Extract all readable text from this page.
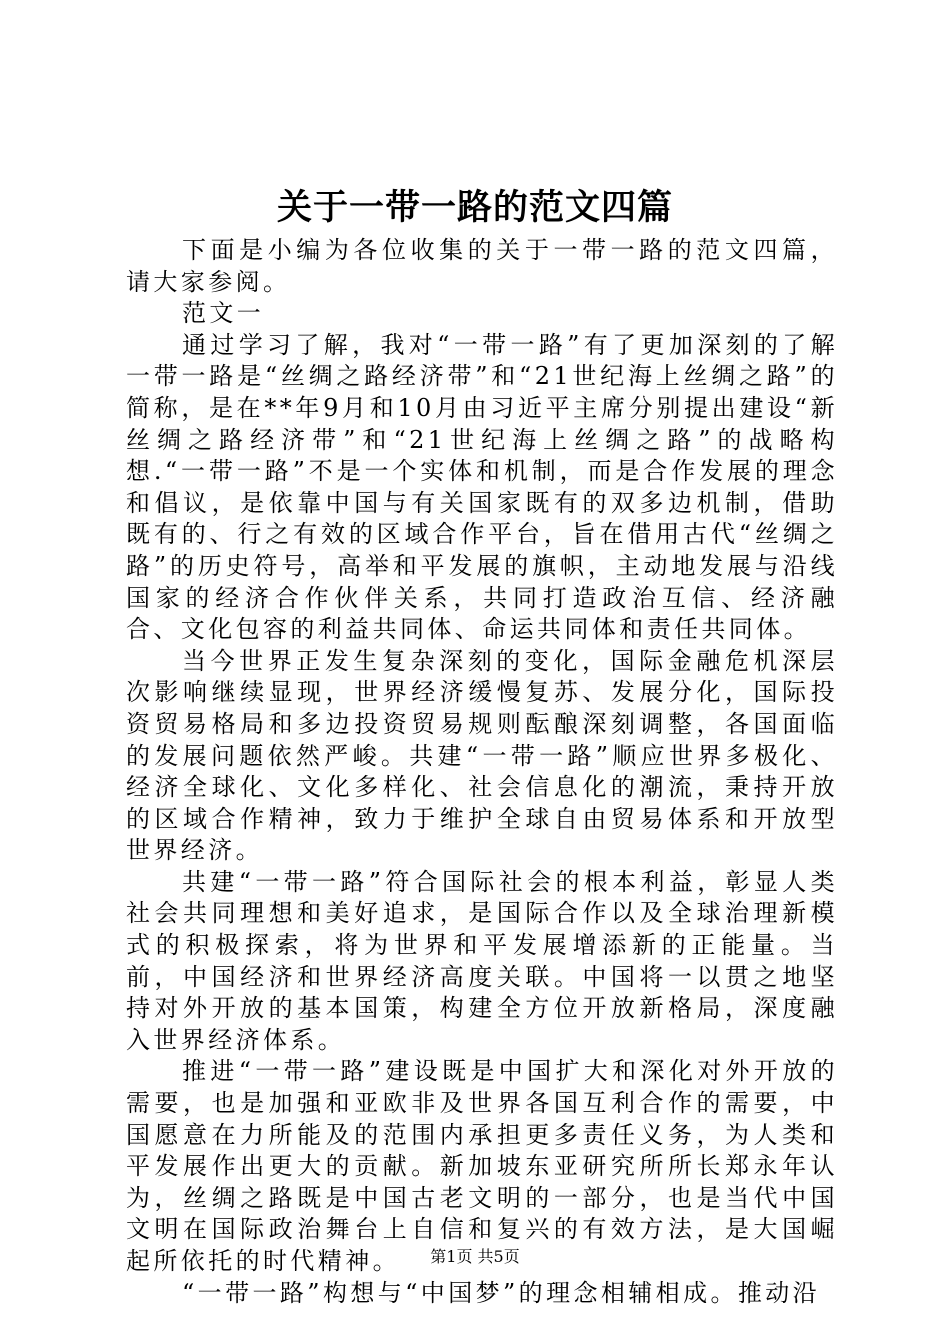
关于一带一路的范文四篇

下面是小编为各位收集的关于一带一路的范文四篇，请大家参阅。

范文一

通过学习了解，我对“一带一路”有了更加深刻的了解一带一路是“丝绸之路经济带”和“21世纪海上丝绸之路”的简称，是在**年9月和10月由习近平主席分别提出建设“新丝绸之路经济带”和“21世纪海上丝绸之路”的战略构想.“一带一路”不是一个实体和机制，而是合作发展的理念和倡议，是依靠中国与有关国家既有的双多边机制，借助既有的、行之有效的区域合作平台，旨在借用古代“丝绸之路”的历史符号，高举和平发展的旗帜，主动地发展与沿线国家的经济合作伙伴关系，共同打造政治互信、经济融合、文化包容的利益共同体、命运共同体和责任共同体。

当今世界正发生复杂深刻的变化，国际金融危机深层次影响继续显现，世界经济缓慢复苏、发展分化，国际投资贸易格局和多边投资贸易规则酝酿深刻调整，各国面临的发展问题依然严峻。共建“一带一路”顺应世界多极化、经济全球化、文化多样化、社会信息化的潮流，秉持开放的区域合作精神，致力于维护全球自由贸易体系和开放型世界经济。

共建“一带一路”符合国际社会的根本利益，彰显人类社会共同理想和美好追求，是国际合作以及全球治理新模式的积极探索，将为世界和平发展增添新的正能量。当前，中国经济和世界经济高度关联。中国将一以贯之地坚持对外开放的基本国策，构建全方位开放新格局，深度融入世界经济体系。

推进“一带一路”建设既是中国扩大和深化对外开放的需要，也是加强和亚欧非及世界各国互利合作的需要，中国愿意在力所能及的范围内承担更多责任义务，为人类和平发展作出更大的贡献。新加坡东亚研究所所长郑永年认为，丝绸之路既是中国古老文明的一部分，也是当代中国文明在国际政治舞台上自信和复兴的有效方法，是大国崛起所依托的时代精神。

“一带一路”构想与“中国梦”的理念相辅相成。推动沿

第1页 共5页
